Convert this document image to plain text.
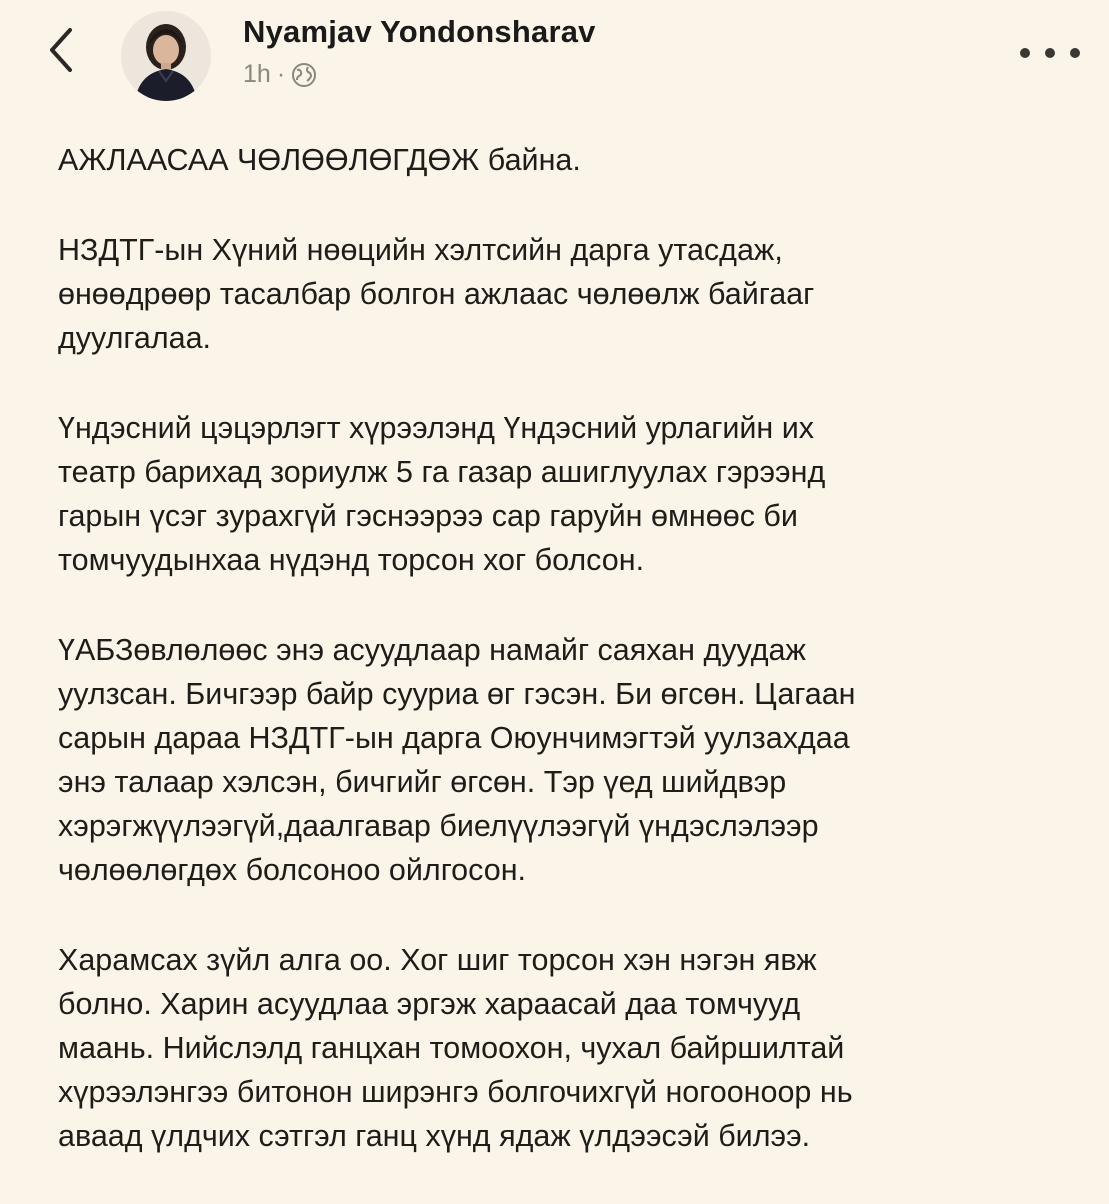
Nyamjav Yondonsharav
1h ·

АЖЛААСАА ЧӨЛӨӨЛӨГДӨЖ байна.

НЗДТГ-ын Хүний нөөцийн хэлтсийн дарга утасдаж,
өнөөдрөөр тасалбар болгон ажлаас чөлөөлж байгааг
дуулгалаа.

Үндэсний цэцэрлэгт хүрээлэнд Үндэсний урлагийн их
театр барихад зориулж 5 га газар ашиглуулах гэрээнд
гарын үсэг зурахгүй гэснээрээ сар гаруйн өмнөөс би
томчуудынхаа нүдэнд торсон хог болсон.

ҮАБЗөвлөлөөс энэ асуудлаар намайг саяхан дуудаж
уулзсан. Бичгээр байр сууриа өг гэсэн. Би өгсөн. Цагаан
сарын дараа НЗДТГ-ын дарга Оюунчимэгтэй уулзахдаа
энэ талаар хэлсэн, бичгийг өгсөн. Тэр үед шийдвэр
хэрэгжүүлээгүй,даалгавар биелүүлээгүй үндэслэлээр
чөлөөлөгдөх болсоноо ойлгосон.

Харамсах зүйл алга оо. Хог шиг торсон хэн нэгэн явж
болно. Харин асуудлаа эргэж хараасай даа томчууд
маань. Нийслэлд ганцхан томоохон, чухал байршилтай
хүрээлэнгээ битонон ширэнгэ болгочихгүй ногооноор нь
аваад үлдчих сэтгэл ганц хүнд ядаж үлдээсэй билээ.
